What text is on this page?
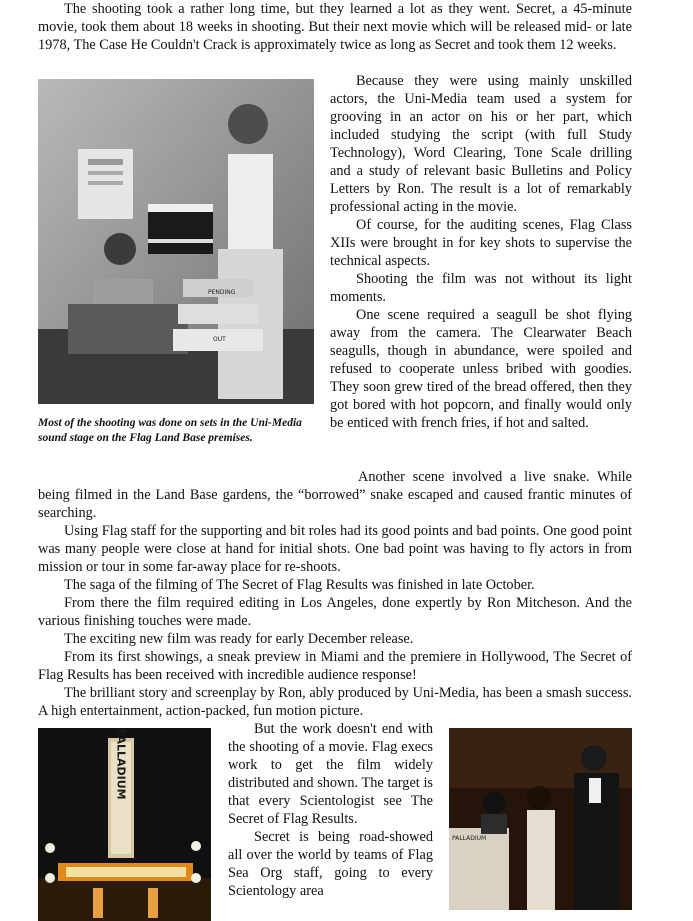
The shooting took a rather long time, but they learned a lot as they went. Secret, a 45-minute movie, took them about 18 weeks in shooting. But their next movie which will be released mid- or late 1978, The Case He Couldn't Crack is approximately twice as long as Secret and took them 12 weeks.
PENDING
OUT
Most of the shooting was done on sets in the Uni-Media sound stage on the Flag Land Base premises.
Because they were using mainly unskilled actors, the Uni-Media team used a system for grooving in an actor on his or her part, which included studying the script (with full Study Technology), Word Clearing, Tone Scale drilling and a study of relevant basic Bulletins and Policy Letters by Ron. The result is a lot of remarkably professional acting in the movie.
Of course, for the auditing scenes, Flag Class XIIs were brought in for key shots to supervise the technical aspects.
Shooting the film was not without its light moments.
One scene required a seagull be shot flying away from the camera. The Clearwater Beach seagulls, though in abundance, were spoiled and refused to cooperate unless bribed with goodies. They soon grew tired of the bread offered, then they got bored with hot popcorn, and finally would only be enticed with french fries, if hot and salted.
Another scene involved a live snake. While being filmed in the Land Base gardens, the “borrowed” snake escaped and caused frantic minutes of searching.
Using Flag staff for the supporting and bit roles had its good points and bad points. One good point was many people were close at hand for initial shots. One bad point was having to fly actors in from mission or tour in some far-away place for re-shoots.
The saga of the filming of The Secret of Flag Results was finished in late October.
From there the film required editing in Los Angeles, done expertly by Ron Mitcheson. And the various finishing touches were made.
The exciting new film was ready for early December release.
From its first showings, a sneak preview in Miami and the premiere in Hollywood, The Secret of Flag Results has been received with incredible audience response!
The brilliant story and screenplay by Ron, ably produced by Uni-Media, has been a smash success. A high entertainment, action-packed, fun motion picture.
PALLADIUM	But the work doesn't end with the shooting of a movie. Flag execs work to get the film widely distributed and shown. The target is that every Scientologist see The Secret of Flag Results.
Secret is being road-showed all over the world by teams of Flag Sea Org staff, going to every Scientology area
PALLADIUM
